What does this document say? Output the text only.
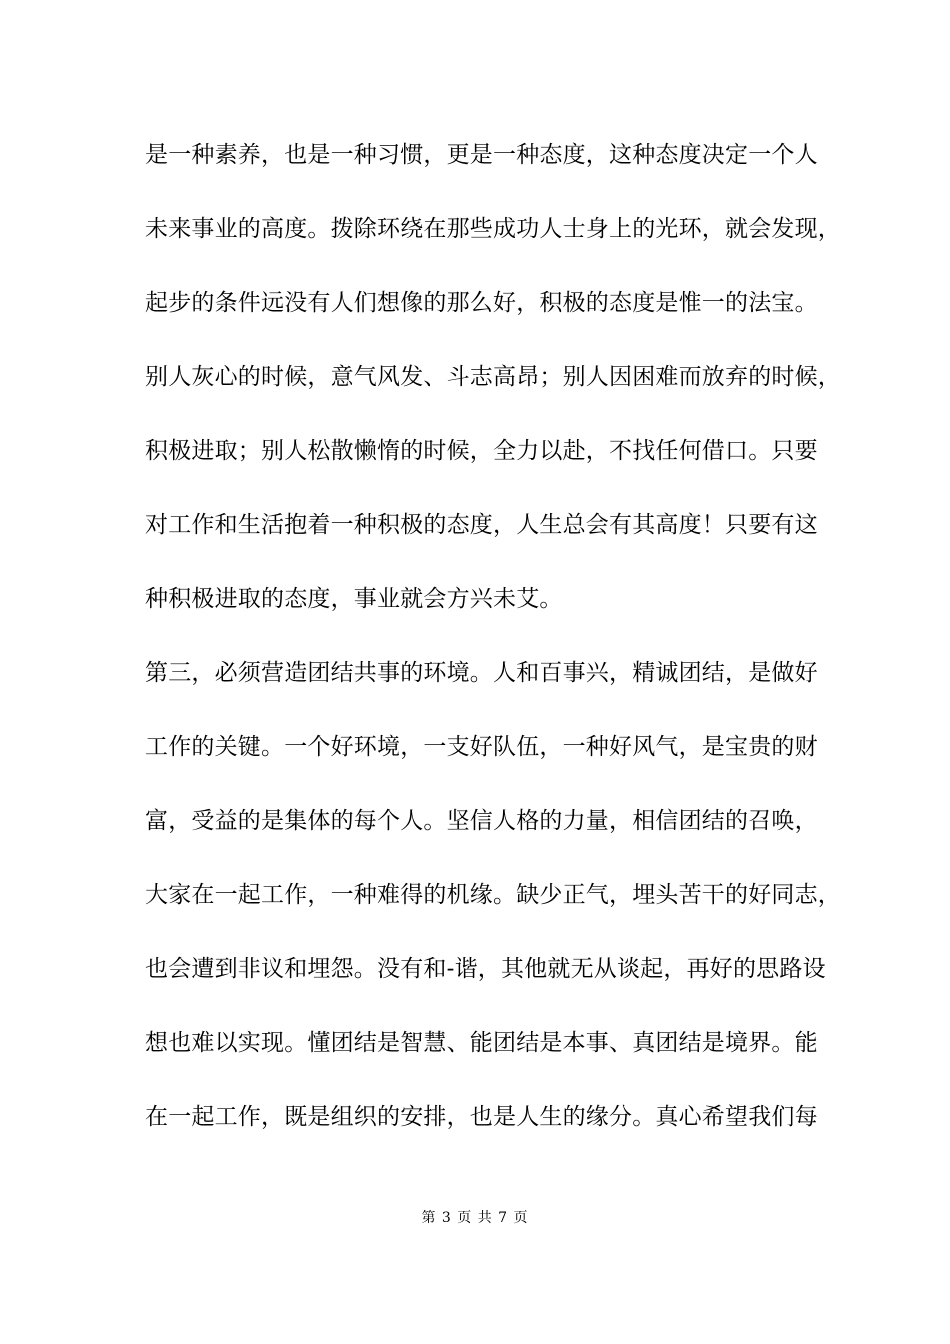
是一种素养，也是一种习惯，更是一种态度，这种态度决定一个人
未来事业的高度。拨除环绕在那些成功人士身上的光环，就会发现，
起步的条件远没有人们想像的那么好，积极的态度是惟一的法宝。
别人灰心的时候，意气风发、斗志高昂；别人因困难而放弃的时候，
积极进取；别人松散懒惰的时候，全力以赴，不找任何借口。只要
对工作和生活抱着一种积极的态度，人生总会有其高度！只要有这
种积极进取的态度，事业就会方兴未艾。
第三，必须营造团结共事的环境。人和百事兴，精诚团结，是做好
工作的关键。一个好环境，一支好队伍，一种好风气，是宝贵的财
富，受益的是集体的每个人。坚信人格的力量，相信团结的召唤，
大家在一起工作，一种难得的机缘。缺少正气，埋头苦干的好同志，
也会遭到非议和埋怨。没有和-谐，其他就无从谈起，再好的思路设
想也难以实现。懂团结是智慧、能团结是本事、真团结是境界。能
在一起工作，既是组织的安排，也是人生的缘分。真心希望我们每
第 3 页 共 7 页
